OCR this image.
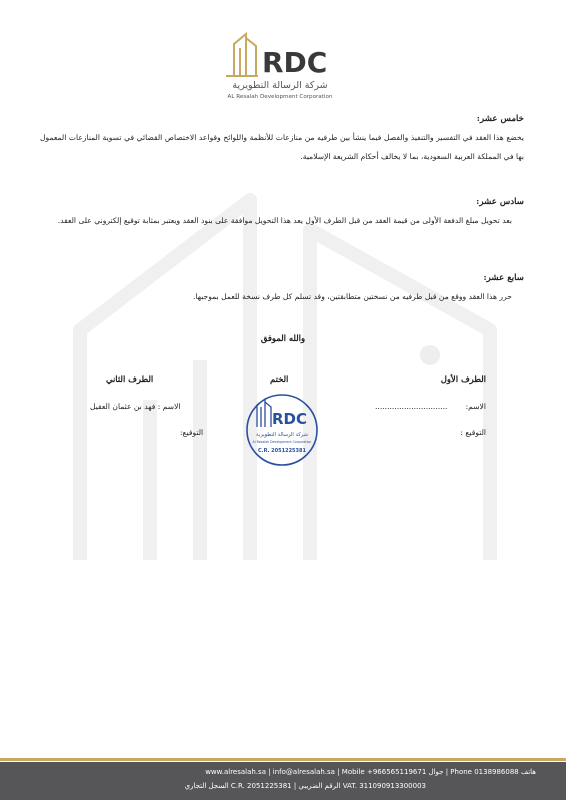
RDC
شركة الرسالة التطويرية
AL Resalah Development Corporation
خامس عشر:

يخضع هذا العقد في التفسير والتنفيذ والفصل فيما ينشأ بين طرفيه من منازعات للأنظمة واللوائح وقواعد الاختصاص القضائي في تسوية المنازعات المعمول بها في المملكة العربية السعودية، بما لا يخالف أحكام الشريعة الإسلامية.

سادس عشر:

بعد تحويل مبلغ الدفعة الأولى من قيمة العقد من قبل الطرف الأول يعد هذا التحويل موافقة على بنود العقد ويعتبر بمثابة توقيع إلكتروني على العقد.

سابع عشر:

حرر هذا العقد ووقع من قبل طرفيه من نسختين متطابقتين، وقد تسلم كل طرف نسخة للعمل بموجبها.

والله الموفق
الطرف الأول
الختم
الطرف الثاني
الاسم:
..............................
الاسم : فهد بن عثمان العقيل
التوقيع :
التوقيع:
RDC
شركة الرسالة التطويرية
Al Resalah Development Corporation
C.R. 2051225381
www.alresalah.sa | info@alresalah.sa | Mobile +966565119671 جوال | Phone 0138986088 هاتف
السجل التجاري C.R. 2051225381 | الرقم الضريبي VAT. 311090913300003
